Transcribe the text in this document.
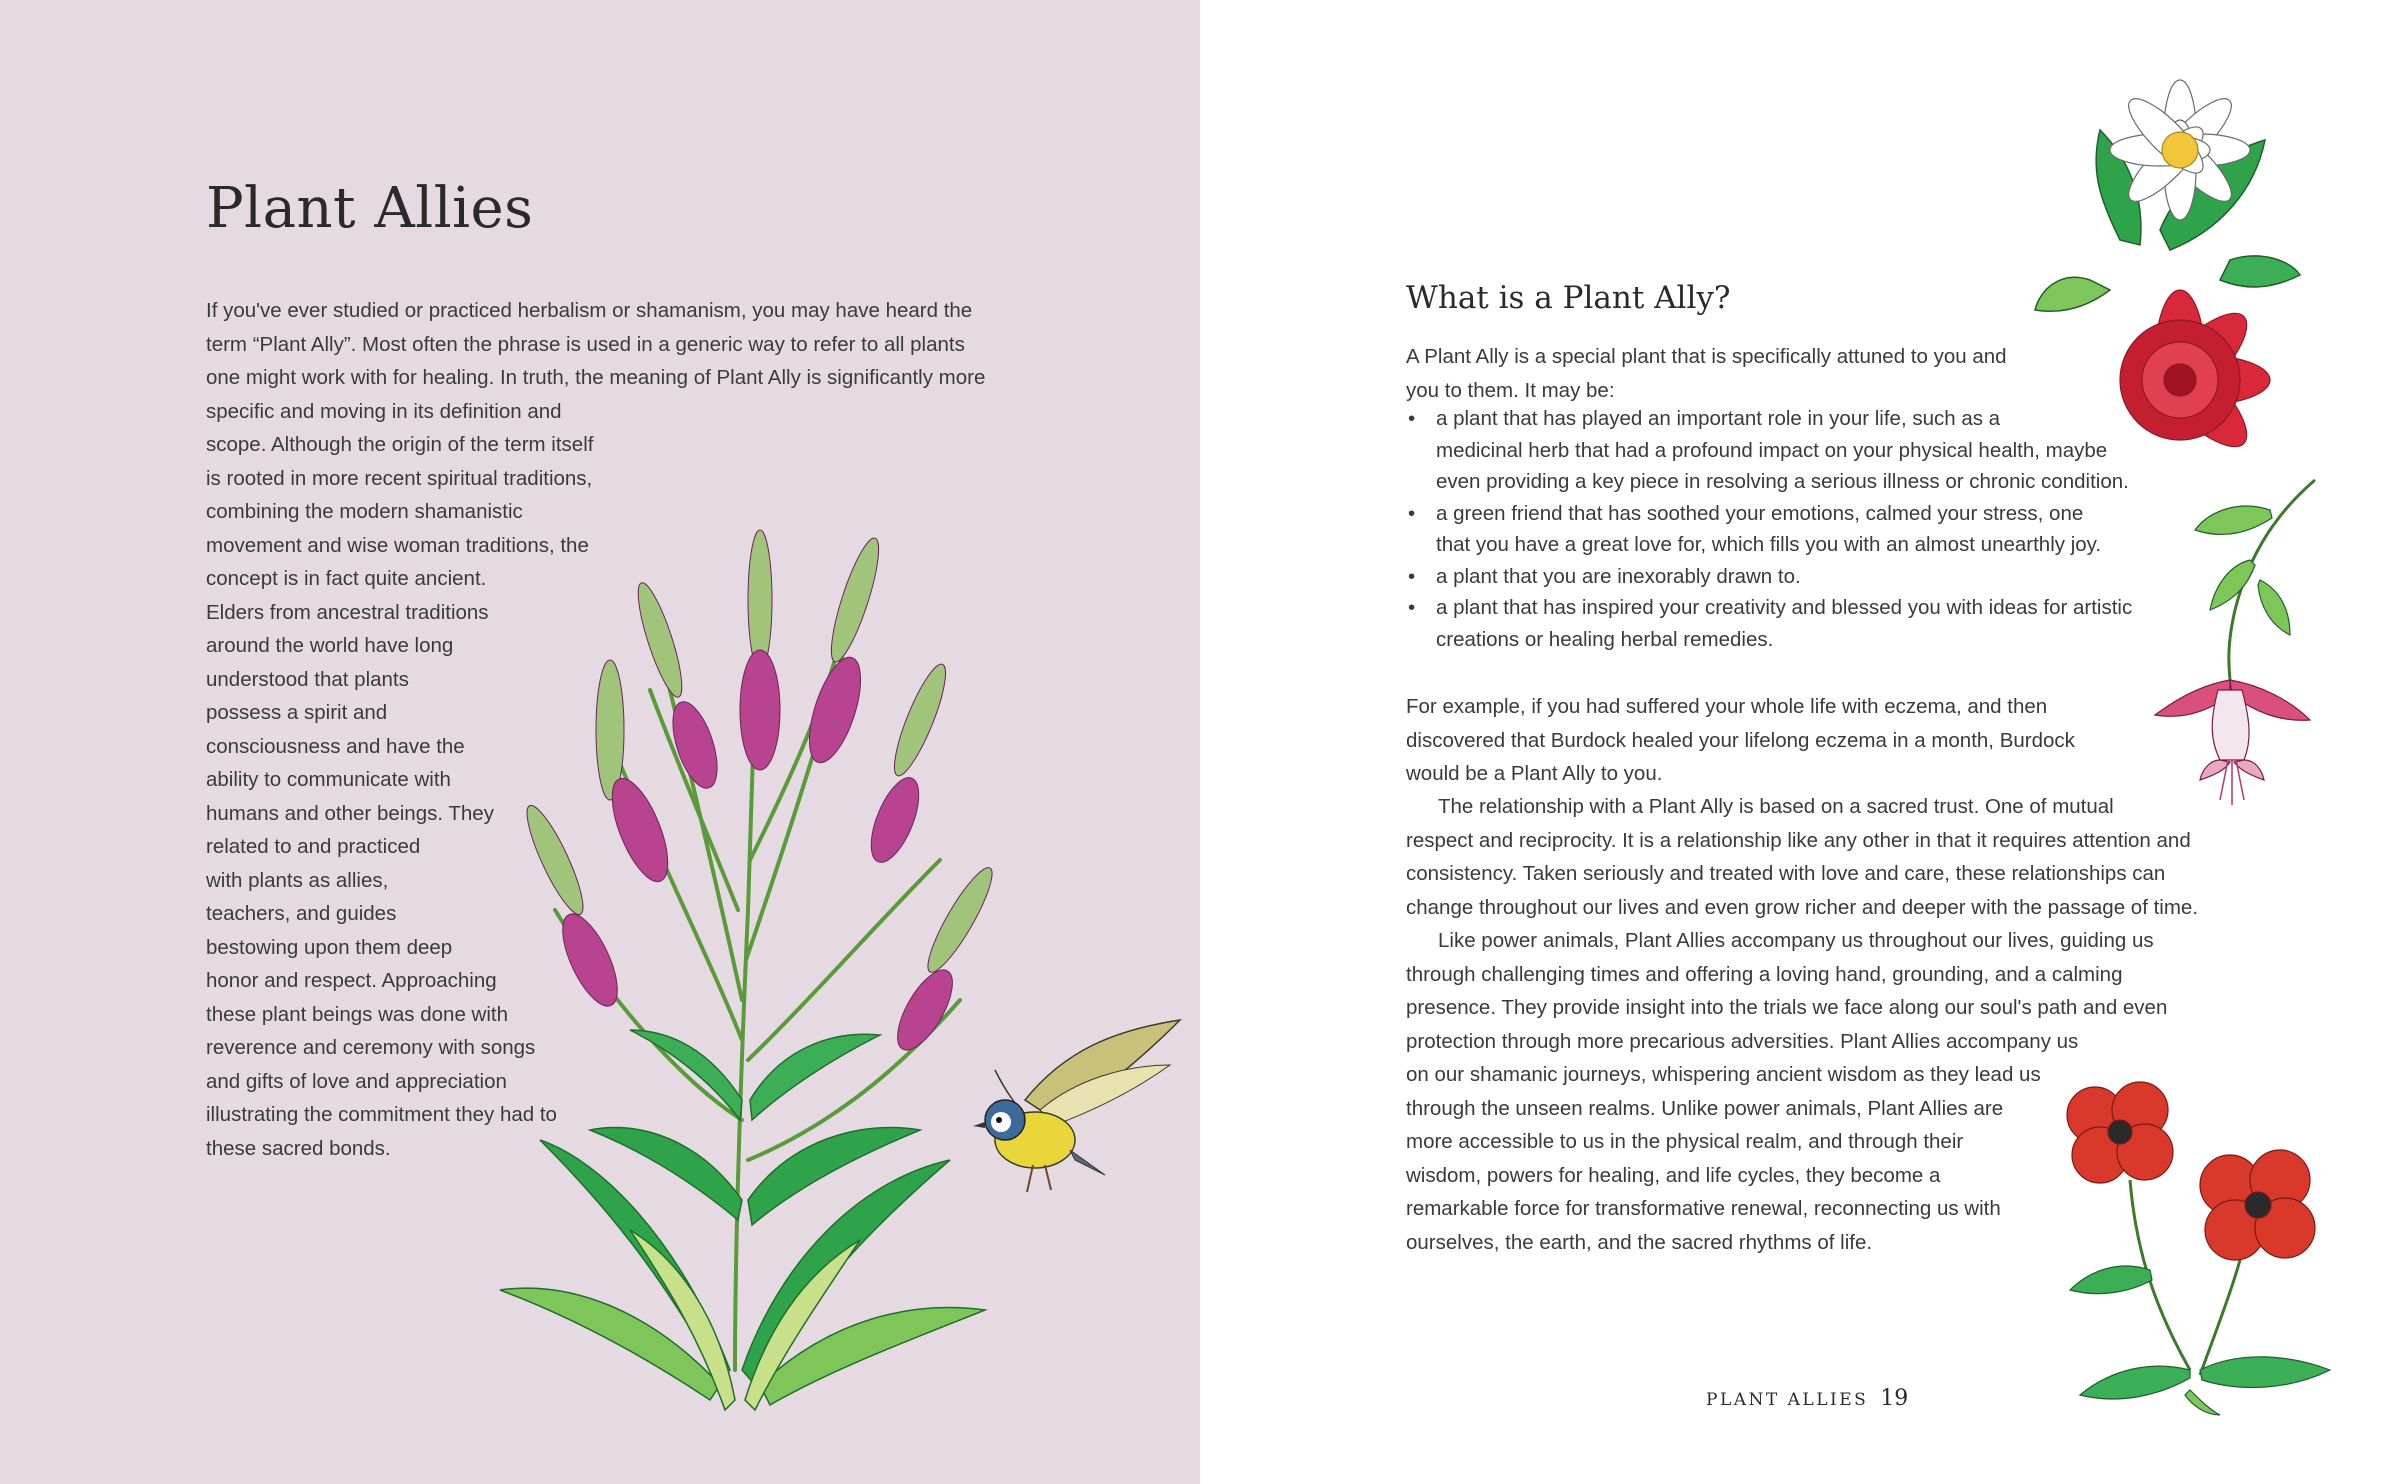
Plant Allies
If you've ever studied or practiced herbalism or shamanism, you may have heard the
term “Plant Ally”. Most often the phrase is used in a generic way to refer to all plants
one might work with for healing. In truth, the meaning of Plant Ally is significantly more
specific and moving in its definition and
scope. Although the origin of the term itself
is rooted in more recent spiritual traditions,
combining the modern shamanistic
movement and wise woman traditions, the
concept is in fact quite ancient.
Elders from ancestral traditions
around the world have long
understood that plants
possess a spirit and
consciousness and have the
ability to communicate with
humans and other beings. They
related to and practiced
with plants as allies,
teachers, and guides
bestowing upon them deep
honor and respect. Approaching
these plant beings was done with
reverence and ceremony with songs
and gifts of love and appreciation
illustrating the commitment they had to
these sacred bonds.
What is a Plant Ally?
A Plant Ally is a special plant that is specifically attuned to you and
you to them. It may be:
• a plant that has played an important role in your life, such as a
medicinal herb that had a profound impact on your physical health, maybe
even providing a key piece in resolving a serious illness or chronic condition.
• a green friend that has soothed your emotions, calmed your stress, one
that you have a great love for, which fills you with an almost unearthly joy.
• a plant that you are inexorably drawn to.
• a plant that has inspired your creativity and blessed you with ideas for artistic
creations or healing herbal remedies.
For example, if you had suffered your whole life with eczema, and then
discovered that Burdock healed your lifelong eczema in a month, Burdock
would be a Plant Ally to you.
The relationship with a Plant Ally is based on a sacred trust. One of mutual
respect and reciprocity. It is a relationship like any other in that it requires attention and
consistency. Taken seriously and treated with love and care, these relationships can
change throughout our lives and even grow richer and deeper with the passage of time.
Like power animals, Plant Allies accompany us throughout our lives, guiding us
through challenging times and offering a loving hand, grounding, and a calming
presence. They provide insight into the trials we face along our soul's path and even
protection through more precarious adversities. Plant Allies accompany us
on our shamanic journeys, whispering ancient wisdom as they lead us
through the unseen realms. Unlike power animals, Plant Allies are
more accessible to us in the physical realm, and through their
wisdom, powers for healing, and life cycles, they become a
remarkable force for transformative renewal, reconnecting us with
ourselves, the earth, and the sacred rhythms of life.
PLANT ALLIES 19
